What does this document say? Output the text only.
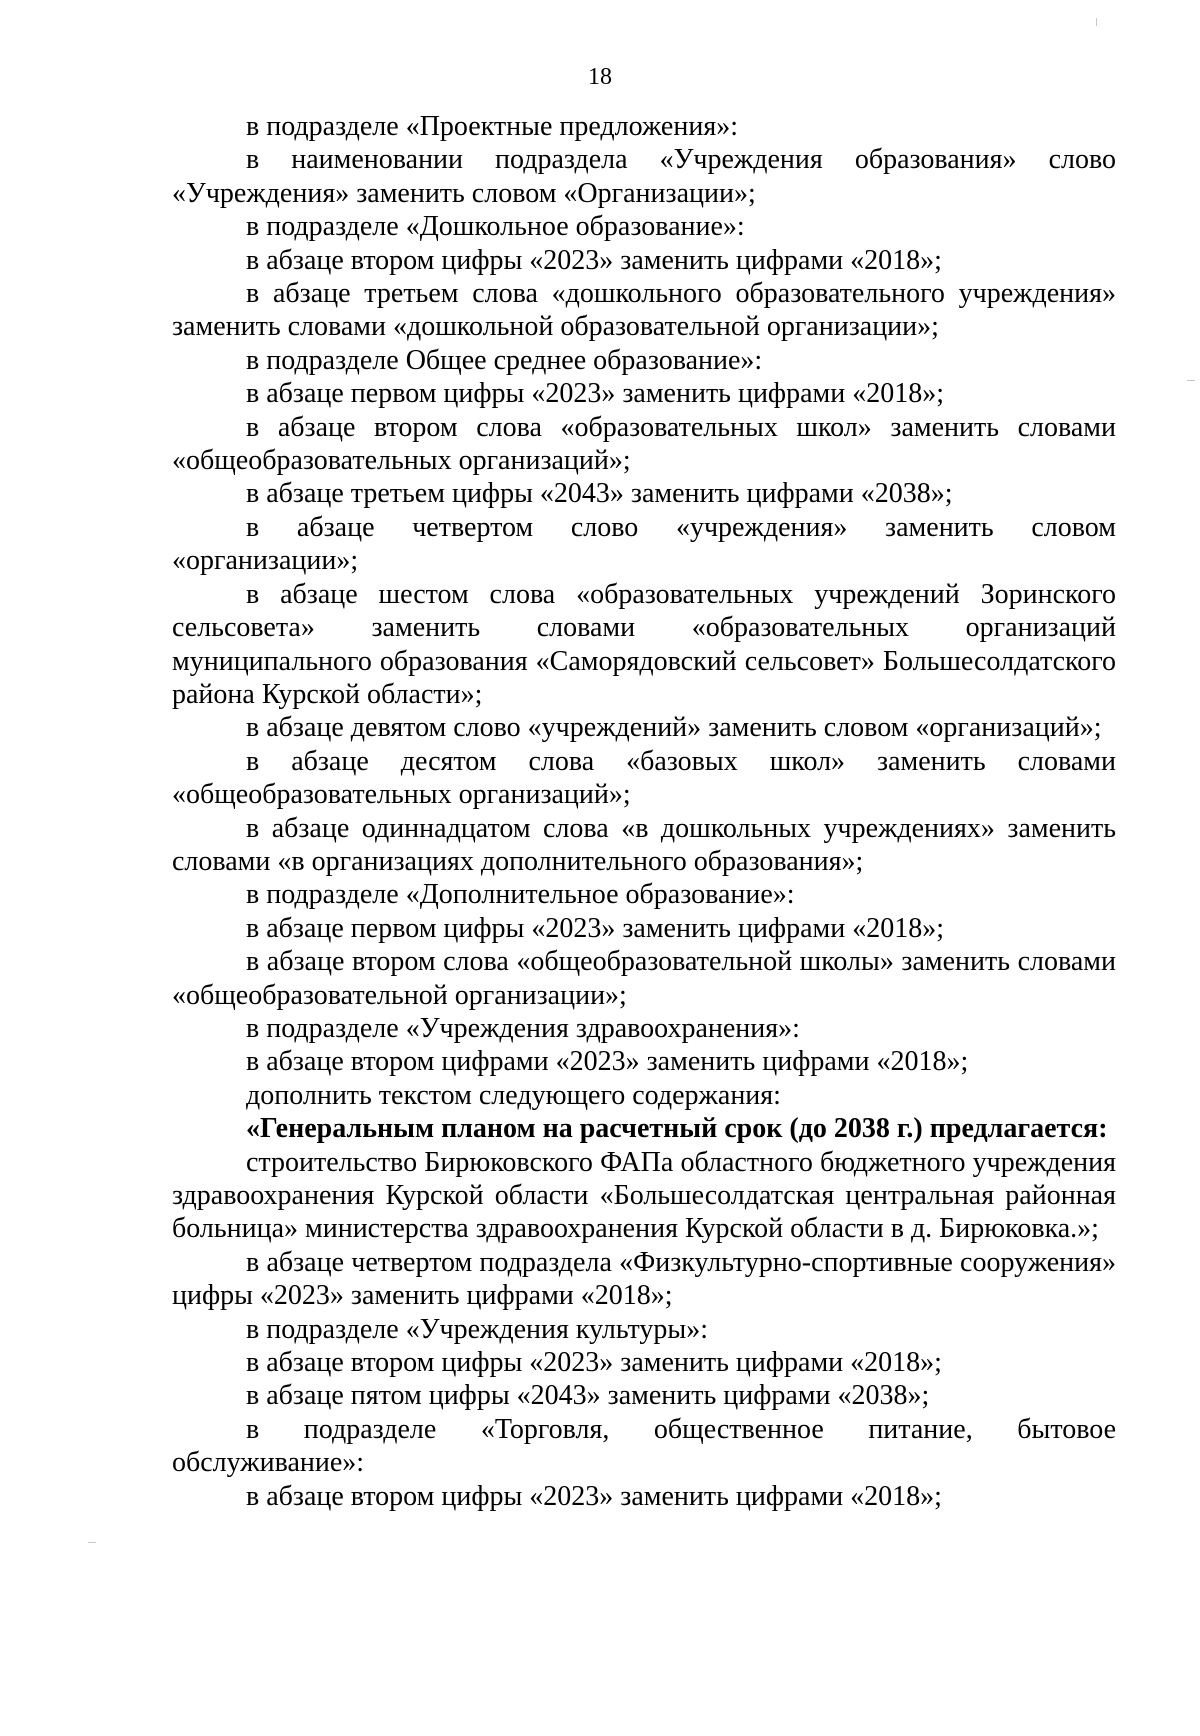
18

в подразделе «Проектные предложения»:

в наименовании подраздела «Учреждения образования» слово «Учреждения» заменить словом «Организации»;

в подразделе «Дошкольное образование»:

в абзаце втором цифры «2023» заменить цифрами «2018»;

в абзаце третьем слова «дошкольного образовательного учреждения» заменить словами «дошкольной образовательной организации»;

в подразделе Общее среднее образование»:

в абзаце первом цифры «2023» заменить цифрами «2018»;

в абзаце втором слова «образовательных школ» заменить словами «общеобразовательных организаций»;

в абзаце третьем цифры «2043» заменить цифрами «2038»;

в абзаце четвертом слово «учреждения» заменить словом «организации»;

в абзаце шестом слова «образовательных учреждений Зоринского сельсовета» заменить словами «образовательных организаций муниципального образования «Саморядовский сельсовет» Большесолдатского района Курской области»;

в абзаце девятом слово «учреждений» заменить словом «организаций»;

в абзаце десятом слова «базовых школ» заменить словами «общеобразовательных организаций»;

в абзаце одиннадцатом слова «в дошкольных учреждениях» заменить словами «в организациях дополнительного образования»;

в подразделе «Дополнительное образование»:

в абзаце первом цифры «2023» заменить цифрами «2018»;

в абзаце втором слова «общеобразовательной школы» заменить словами «общеобразовательной организации»;

в подразделе «Учреждения здравоохранения»:

в абзаце втором цифрами «2023» заменить цифрами «2018»;

дополнить текстом следующего содержания:

«Генеральным планом на расчетный срок (до 2038 г.) предлагается:

строительство Бирюковского ФАПа областного бюджетного учреждения здравоохранения Курской области «Большесолдатская центральная районная больница» министерства здравоохранения Курской области в д. Бирюковка.»;

в абзаце четвертом подраздела «Физкультурно-спортивные сооружения» цифры «2023» заменить цифрами «2018»;

в подразделе «Учреждения культуры»:

в абзаце втором цифры «2023» заменить цифрами «2018»;

в абзаце пятом цифры «2043» заменить цифрами «2038»;

в подразделе «Торговля, общественное питание, бытовое обслуживание»:

в абзаце втором цифры «2023» заменить цифрами «2018»;
